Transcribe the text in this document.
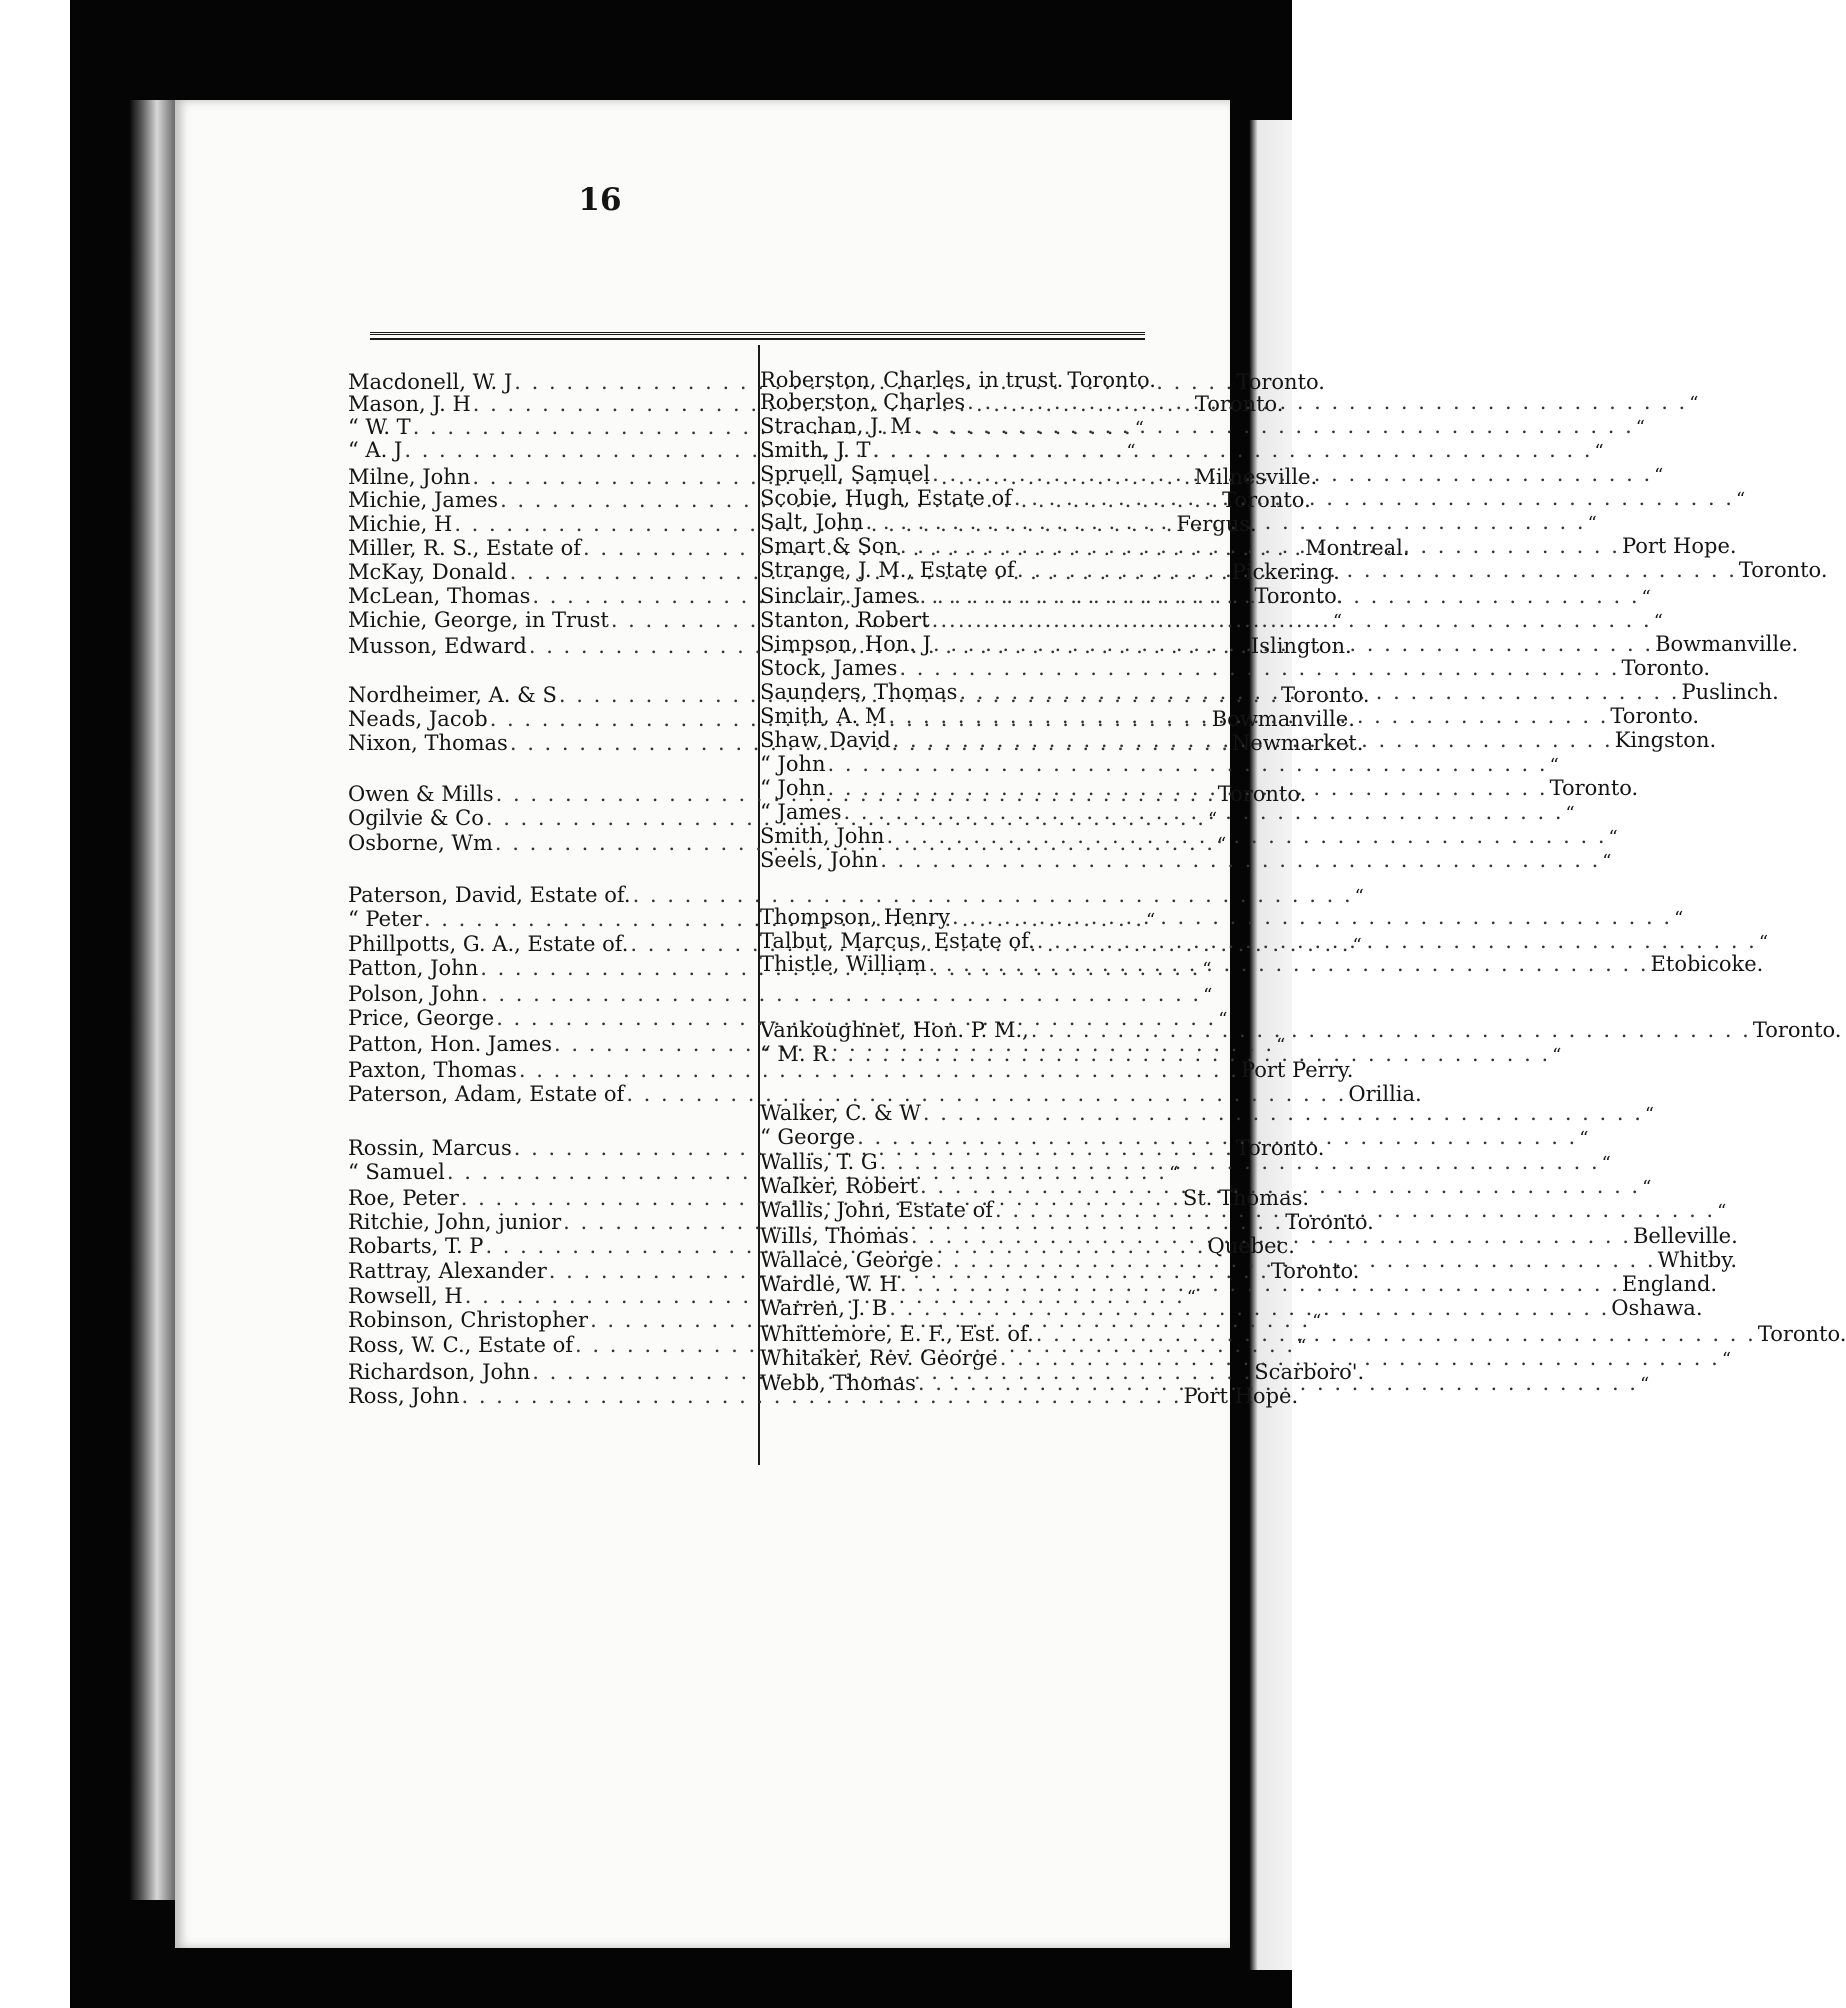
16
Macdonell, W. J . . .	Toronto.
Mason, J. H . . .	Toronto.
“ W. T . . .	“
“ A. J . . .	“
Milne, John . . .	Milnesville.
Michie, James . . .	Toronto.
Michie, H . . .	Fergus.
Miller, R. S., Estate of . . .	Montreal.
McKay, Donald . . .	Pickering.
McLean, Thomas . . .	Toronto.
Michie, George, in Trust . . .	“
Musson, Edward . . .	Islington.
Nordheimer, A. & S . . .	Toronto.
Neads, Jacob . . .	Bowmanville.
Nixon, Thomas . . .	Newmarket.
Owen & Mills . . .	Toronto.
Ogilvie & Co . . .	“
Osborne, Wm . . .	“
Paterson, David, Estate of. . . .	“
“ Peter . . .	“
Phillpotts, G. A., Estate of. . . .	“
Patton, John . . .	“
Polson, John . . .	“
Price, George . . .	“
Patton, Hon. James . . .	“
Paxton, Thomas . . .	Port Perry.
Paterson, Adam, Estate of . . .	Orillia.
Rossin, Marcus . . .	Toronto.
“ Samuel . . .	“
Roe, Peter . . .	St. Thomas.
Ritchie, John, junior . . .	Toronto.
Robarts, T. P . . .	Quebec.
Rattray, Alexander . . .	Toronto.
Rowsell, H . . .	“
Robinson, Christopher . . .	“
Ross, W. C., Estate of . . .	“
Richardson, John . . .	Scarboro'.
Ross, John . . .	Port Hope.
Roberston, Charles, in trust. Toronto.
Roberston, Charles . . .	“
Strachan, J. M . . .	“
Smith, J. T . . .	“
Spruell, Samuel . . .	“
Scobie, Hugh, Estate of . . .	“
Salt, John . . .	“
Smart & Son . . .	Port Hope.
Strange, J. M., Estate of . . .	Toronto.
Sinclair, James . . .	“
Stanton, Robert . . .	“
Simpson, Hon. J . . .	Bowmanville.
Stock, James . . .	Toronto.
Saunders, Thomas . . .	Puslinch.
Smith, A. M . . .	Toronto.
Shaw, David . . .	Kingston.
“ John . . .	“
“ John . . .	Toronto.
“ James . . .	“
Smith, John . . .	“
Seels, John . . .	“
Thompson, Henry . . .	“
Talbut, Marcus, Estate of. . . .	“
Thistle, William . . .	Etobicoke.
Vankoughnet, Hon. P. M., . . .	Toronto.
“ M. R . . .	“
Walker, C. & W . . .	“
“ George . . .	“
Wallis, T. G . . .	“
Walker, Robert . . .	“
Wallis, John, Estate of . . .	“
Wills, Thomas . . .	Belleville.
Wallace, George . . .	Whitby.
Wardle, W. H . . .	England.
Warren, J. B . . .	Oshawa.
Whittemore, E. F., Est. of. . . .	Toronto.
Whitaker, Rev. George . . .	“
Webb, Thomas . . .	“
